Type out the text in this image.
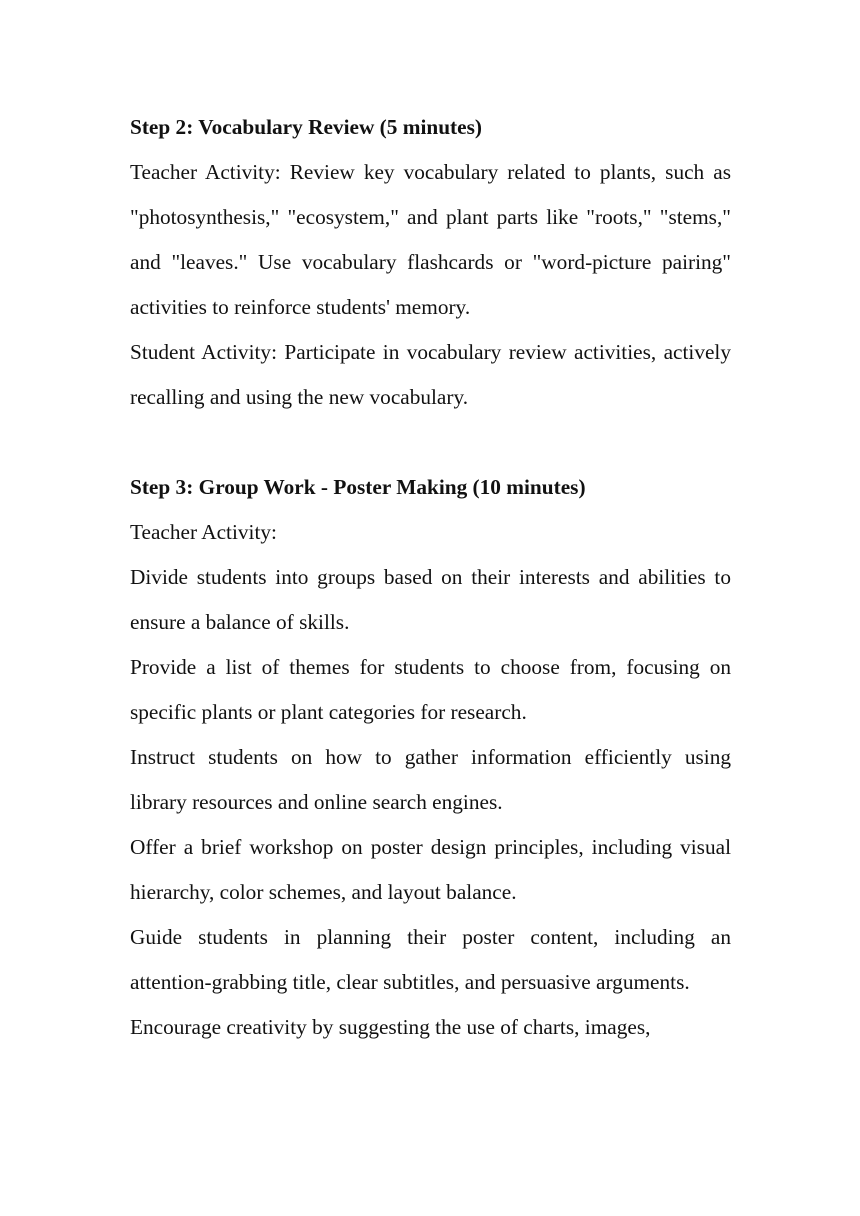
Step 2: Vocabulary Review (5 minutes)

Teacher Activity: Review key vocabulary related to plants, such as "photosynthesis," "ecosystem," and plant parts like "roots," "stems," and "leaves." Use vocabulary flashcards or "word-picture pairing" activities to reinforce students' memory.

Student Activity: Participate in vocabulary review activities, actively recalling and using the new vocabulary.

Step 3: Group Work - Poster Making (10 minutes)

Teacher Activity:

Divide students into groups based on their interests and abilities to ensure a balance of skills.

Provide a list of themes for students to choose from, focusing on specific plants or plant categories for research.

Instruct students on how to gather information efficiently using library resources and online search engines.

Offer a brief workshop on poster design principles, including visual hierarchy, color schemes, and layout balance.

Guide students in planning their poster content, including an attention-grabbing title, clear subtitles, and persuasive arguments.

Encourage creativity by suggesting the use of charts, images,
